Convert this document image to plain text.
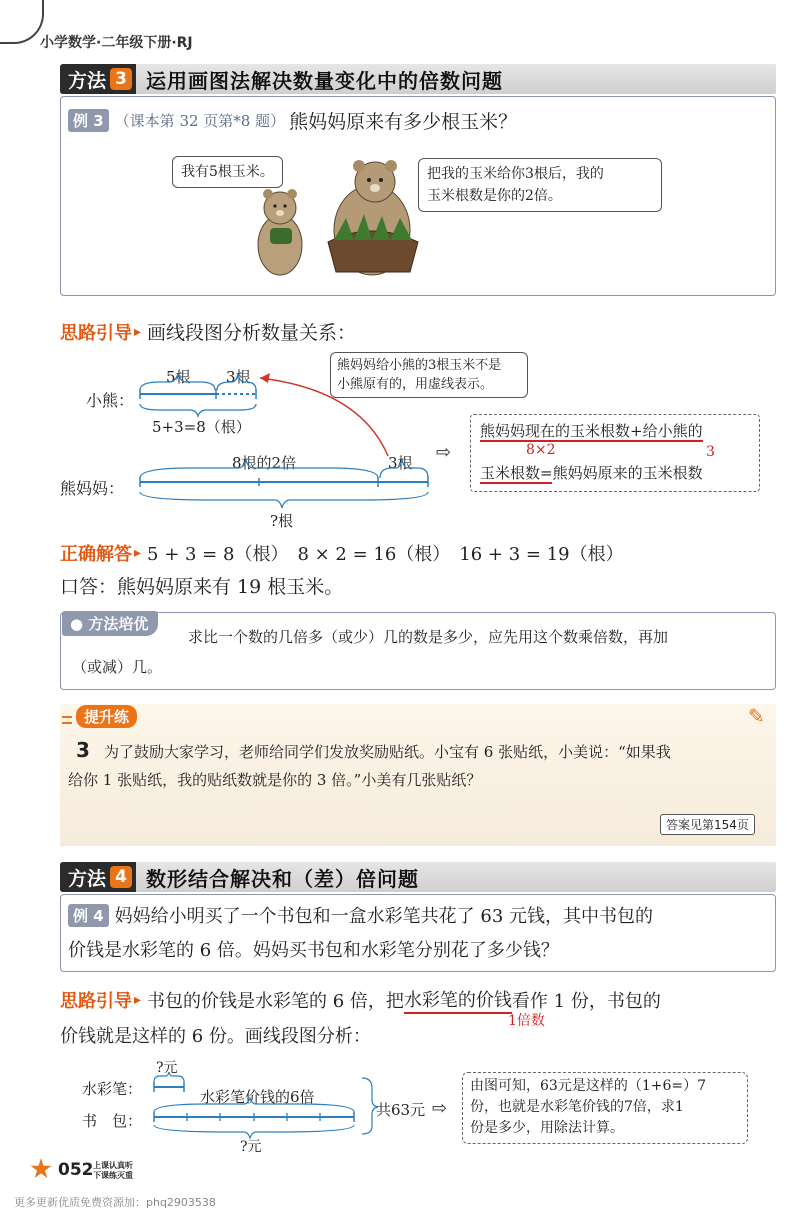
小学数学·二年级下册·RJ
方法 3 运用画图法解决数量变化中的倍数问题
例 3 （课本第 32 页第*8 题） 熊妈妈原来有多少根玉米？
我有5根玉米。	把我的玉米给你3根后，我的
玉米根数是你的2倍。
思路引导 ▸ 画线段图分析数量关系：
熊妈妈给小熊的3根玉米不是
小熊原有的，用虚线表示。
小熊：
5根 3根
5+3=8（根）
熊妈妈：
8根的2倍	3根
?根
⇨
熊妈妈现在的玉米根数+给小熊的
8×2	3
玉米根数=熊妈妈原来的玉米根数
正确解答 ▸ 5 + 3 = 8（根）　8 × 2 = 16（根）　16 + 3 = 19（根）
口答：熊妈妈原来有 19 根玉米。
● 方法培优
求比一个数的几倍多（或少）几的数是多少，应先用这个数乘倍数，再加
（或减）几。
提升练	✎
3 为了鼓励大家学习，老师给同学们发放奖励贴纸。小宝有 6 张贴纸，小美说：“如果我
给你 1 张贴纸，我的贴纸数就是你的 3 倍。”小美有几张贴纸？
答案见第154页
方法 4 数形结合解决和（差）倍问题
例 4 妈妈给小明买了一个书包和一盒水彩笔共花了 63 元钱，其中书包的
价钱是水彩笔的 6 倍。妈妈买书包和水彩笔分别花了多少钱？
思路引导 ▸ 书包的价钱是水彩笔的 6 倍，把 水彩笔的价钱 看作 1 份，书包的
1倍数
价钱就是这样的 6 份。画线段图分析：
?元
水彩笔：
书　包：
水彩笔价钱的6倍
共63元
?元
⇨
由图可知，63元是这样的（1+6=）7
份，也就是水彩笔价钱的7倍，求1
份是多少，用除法计算。
052 上课认真听
下课练灭重
更多更新优质免费资源加：phq2903538
